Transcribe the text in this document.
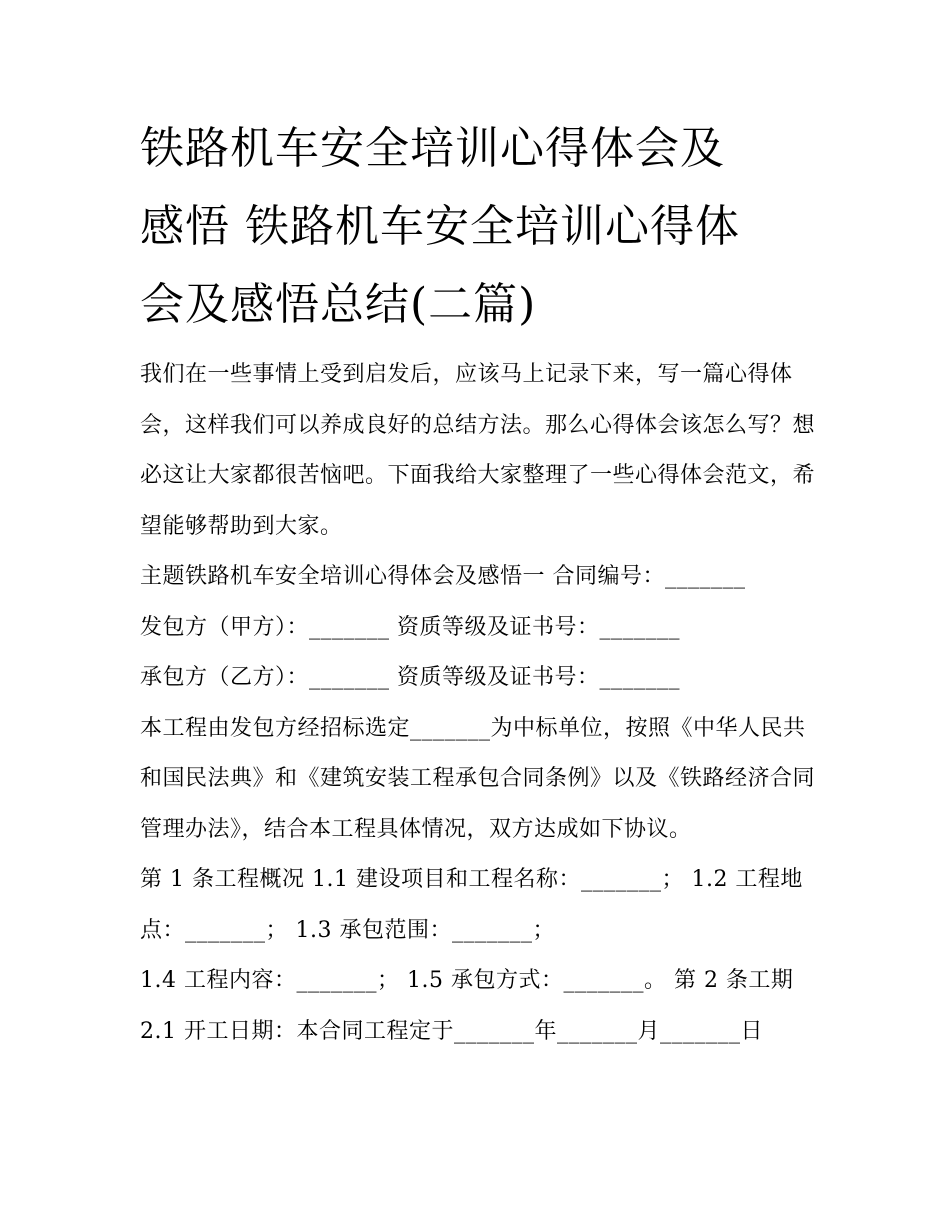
铁路机车安全培训心得体会及
感悟 铁路机车安全培训心得体
会及感悟总结(二篇)

我们在一些事情上受到启发后，应该马上记录下来，写一篇心得体会，这样我们可以养成良好的总结方法。那么心得体会该怎么写？想必这让大家都很苦恼吧。下面我给大家整理了一些心得体会范文，希望能够帮助到大家。

主题铁路机车安全培训心得体会及感悟一 合同编号：_______

发包方（甲方）：_______ 资质等级及证书号：_______

承包方（乙方）：_______ 资质等级及证书号：_______

本工程由发包方经招标选定_______为中标单位，按照《中华人民共和国民法典》和《建筑安装工程承包合同条例》以及《铁路经济合同管理办法》，结合本工程具体情况，双方达成如下协议。

第 1 条工程概况 1.1 建设项目和工程名称：_______； 1.2 工程地点：_______； 1.3 承包范围：_______；

1.4 工程内容：_______； 1.5 承包方式：_______。 第 2 条工期 2.1 开工日期：本合同工程定于_______年_______月_______日
